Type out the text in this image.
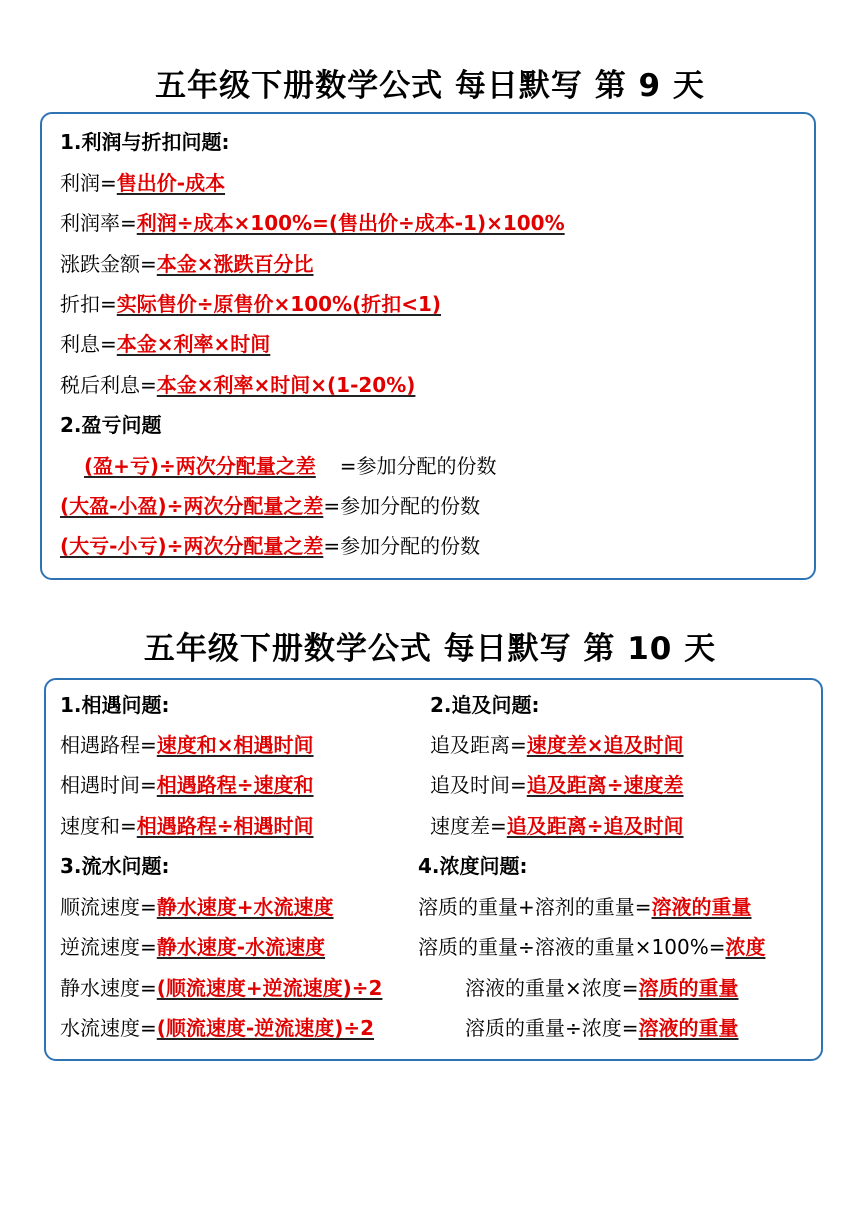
五年级下册数学公式 每日默写 第 9 天
1.利润与折扣问题:
利润=售出价-成本
利润率=利润÷成本×100%=(售出价÷成本-1)×100%
涨跌金额=本金×涨跌百分比
折扣=实际售价÷原售价×100%(折扣<1)
利息=本金×利率×时间
税后利息=本金×利率×时间×(1-20%)
2.盈亏问题
(盈+亏)÷两次分配量之差 =参加分配的份数
(大盈-小盈)÷两次分配量之差=参加分配的份数
(大亏-小亏)÷两次分配量之差=参加分配的份数
五年级下册数学公式 每日默写 第 10 天
1.相遇问题:	2.追及问题:
相遇路程=速度和×相遇时间	追及距离=速度差×追及时间
相遇时间=相遇路程÷速度和	追及时间=追及距离÷速度差
速度和=相遇路程÷相遇时间	速度差=追及距离÷追及时间
3.流水问题:	4.浓度问题:
顺流速度=静水速度+水流速度	溶质的重量+溶剂的重量=溶液的重量
逆流速度=静水速度-水流速度	溶质的重量÷溶液的重量×100%=浓度
静水速度=(顺流速度+逆流速度)÷2	溶液的重量×浓度=溶质的重量
水流速度=(顺流速度-逆流速度)÷2	溶质的重量÷浓度=溶液的重量
